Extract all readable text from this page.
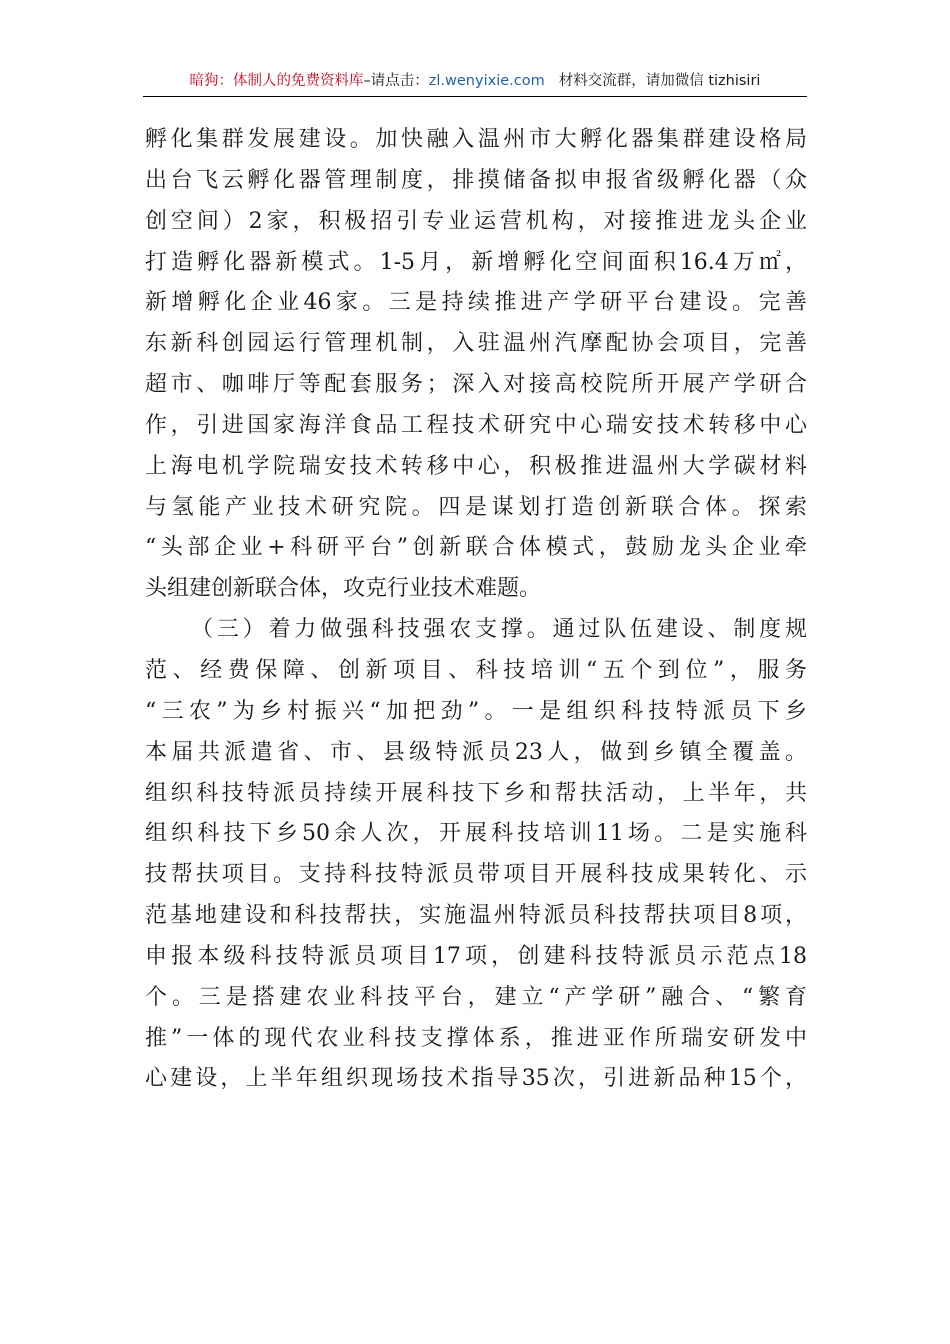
暗狗：体制人的免费资料库–请点击：zl.wenyixie.com 材料交流群，请加微信 tizhisiri
孵化集群发展建设。加快融入温州市大孵化器集群建设格局
出台飞云孵化器管理制度，排摸储备拟申报省级孵化器（众
创空间）2家，积极招引专业运营机构，对接推进龙头企业
打造孵化器新模式。1-5月，新增孵化空间面积16.4万㎡，
新增孵化企业46家。三是持续推进产学研平台建设。完善
东新科创园运行管理机制，入驻温州汽摩配协会项目，完善
超市、咖啡厅等配套服务；深入对接高校院所开展产学研合
作，引进国家海洋食品工程技术研究中心瑞安技术转移中心
上海电机学院瑞安技术转移中心，积极推进温州大学碳材料
与氢能产业技术研究院。四是谋划打造创新联合体。探索
“头部企业+科研平台”创新联合体模式，鼓励龙头企业牵
头组建创新联合体，攻克行业技术难题。
（三）着力做强科技强农支撑。通过队伍建设、制度规
范、经费保障、创新项目、科技培训“五个到位”，服务
“三农”为乡村振兴“加把劲”。一是组织科技特派员下乡
本届共派遣省、市、县级特派员23人，做到乡镇全覆盖。
组织科技特派员持续开展科技下乡和帮扶活动，上半年，共
组织科技下乡50余人次，开展科技培训11场。二是实施科
技帮扶项目。支持科技特派员带项目开展科技成果转化、示
范基地建设和科技帮扶，实施温州特派员科技帮扶项目8项，
申报本级科技特派员项目17项，创建科技特派员示范点18
个。三是搭建农业科技平台，建立“产学研”融合、“繁育
推”一体的现代农业科技支撑体系，推进亚作所瑞安研发中
心建设，上半年组织现场技术指导35次，引进新品种15个，
